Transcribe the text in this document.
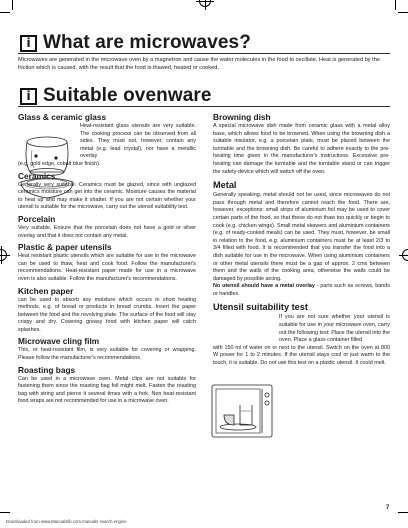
i What are microwaves?
Microwaves are generated in the microwave oven by a magnetron and cause the water molecules in the food to oscillate. Heat is generated by the friction which is caused, with the result that the food is thawed, heated or cooked.
i Suitable ovenware
Glass & ceramic glass

Heat-resistant glass utensils are very suitable. The cooking process can be observed from all sides. They must not, however, contain any metal (e.g. lead crystal), nor have a metallic overlay

(e.g. gold edge, cobalt blue finish).

Ceramics

Generally very suitable. Ceramics must be glazed, since with unglazed ceramics moisture can get into the ceramic. Moisture causes the material to heat up and may make it shatter. If you are not certain whether your utensil is suitable for the microwave, carry out the utensil suitability test.

Porcelain

Very suitable. Ensure that the porcelain does not have a gold or silver overlay and that it does not contain any metal.

Plastic & paper utensils

Heat resistant plastic utensils which are suitable for use in the microwave can be used to thaw, heat and cook food. Follow the manufacturer's recommendations. Heat-resistant paper made for use in a microwave oven is also suitable. Follow the manufacturer's recommendations.

Kitchen paper

can be used to absorb any moisture which occurs in short heating methods, e.g. of bread or products in bread crumbs. Insert the paper between the food and the revolving plate. The surface of the food will stay crispy and dry. Covering greasy food with kitchen paper will catch splashes.

Microwave cling film

This, or heat-resistant film, is very suitable for covering or wrapping. Please follow the manufacturer's recommendations.

Roasting bags

Can be used in a microwave oven. Metal clips are not suitable for fastening them since the roasting bag foil might melt. Fasten the roasting bag with string and pierce it several times with a fork. Non heat-resistant food wraps are not recommended for use in a microwave oven.

Browning dish

A special microwave dish made from ceramic glass with a metal alloy base, which allows food to be browned. When using the browning dish a suitable insulator, e.g. a porcelain plate, must be placed between the turntable and the browning dish. Be careful to adhere exactly to the pre-heating time given in the manufacturer's instructions. Excessive pre-heating can damage the turntable and the turntable stand or can trigger the safety-device which will switch off the oven.

Metal

Generally speaking, metal should not be used, since microwaves do not pass through metal and therefore cannot reach the food. There are, however, exceptions: small strips of aluminium foil may be used to cover certain parts of the food, so that these do not thaw too quickly or begin to cook (e.g. chicken wings). Small metal skewers and aluminium containers (e.g. of ready-cooked meals) can be used. They must, however, be small in relation to the food, e.g. aluminium containers must be at least 2/3 to 3/4 filled with food. It is recommended that you transfer the food into a dish suitable for use in the microwave. When using aluminium containers or other metal utensils there must be a gap of approx. 2 cms between them and the walls of the cooking area, otherwise the walls could be damaged by possible arcing.

No utensil should have a metal overlay - parts such as screws, bands or handles.

Utensil suitability test

If you are not sure whether your utensil is suitable for use in your microwave oven, carry out the following test: Place the utensil into the oven. Place a glass container filled

with 150 ml of water on or next to the utensil. Switch on the oven at 800 W power for 1 to 2 minutes. If the utensil stays cool or just warm to the touch, it is suitable. Do not use this test on a plastic utensil. It could melt.

7
Downloaded from www.Manualslib.com manuals search engine
